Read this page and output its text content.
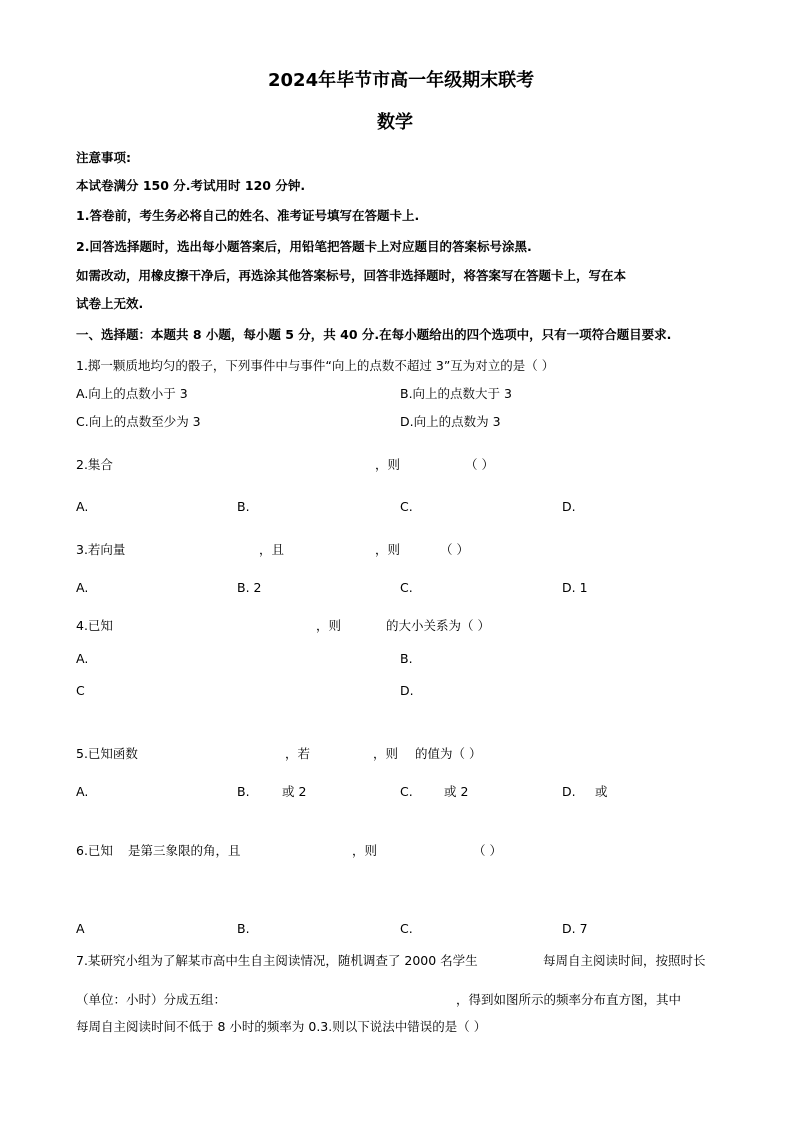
2024年毕节市高一年级期末联考
数学
注意事项:
本试卷满分 150 分.考试用时 120 分钟.
1.答卷前，考生务必将自己的姓名、准考证号填写在答题卡上.
2.回答选择题时，选出每小题答案后，用铅笔把答题卡上对应题目的答案标号涂黑.
如需改动，用橡皮擦干净后，再选涂其他答案标号，回答非选择题时，将答案写在答题卡上，写在本
试卷上无效.
一、选择题：本题共 8 小题，每小题 5 分，共 40 分.在每小题给出的四个选项中，只有一项符合题目要求.
1.掷一颗质地均匀的骰子，下列事件中与事件“向上的点数不超过 3”互为对立的是（ ）
A.向上的点数小于 3	B.向上的点数大于 3
C.向上的点数至少为 3	D.向上的点数为 3
2.集合	，则	（ ）
A.	B.	C.	D.
3.若向量	，且	，则	（ ）
A.	B. 2	C.	D. 1
4.已知	，则	的大小关系为（ ）
A.	B.
C	D.
5.已知函数	，若	，则 的值为（ ）
A.	B.	或 2	C.	或 2	D. 或
6.已知 是第三象限的角，且	，则	（ ）
A	B.	C.	D. 7
7.某研究小组为了解某市高中生自主阅读情况，随机调查了 2000 名学生	每周自主阅读时间，按照时长
（单位：小时）分成五组：	，得到如图所示的频率分布直方图，其中
每周自主阅读时间不低于 8 小时的频率为 0.3.则以下说法中错误的是（ ）
